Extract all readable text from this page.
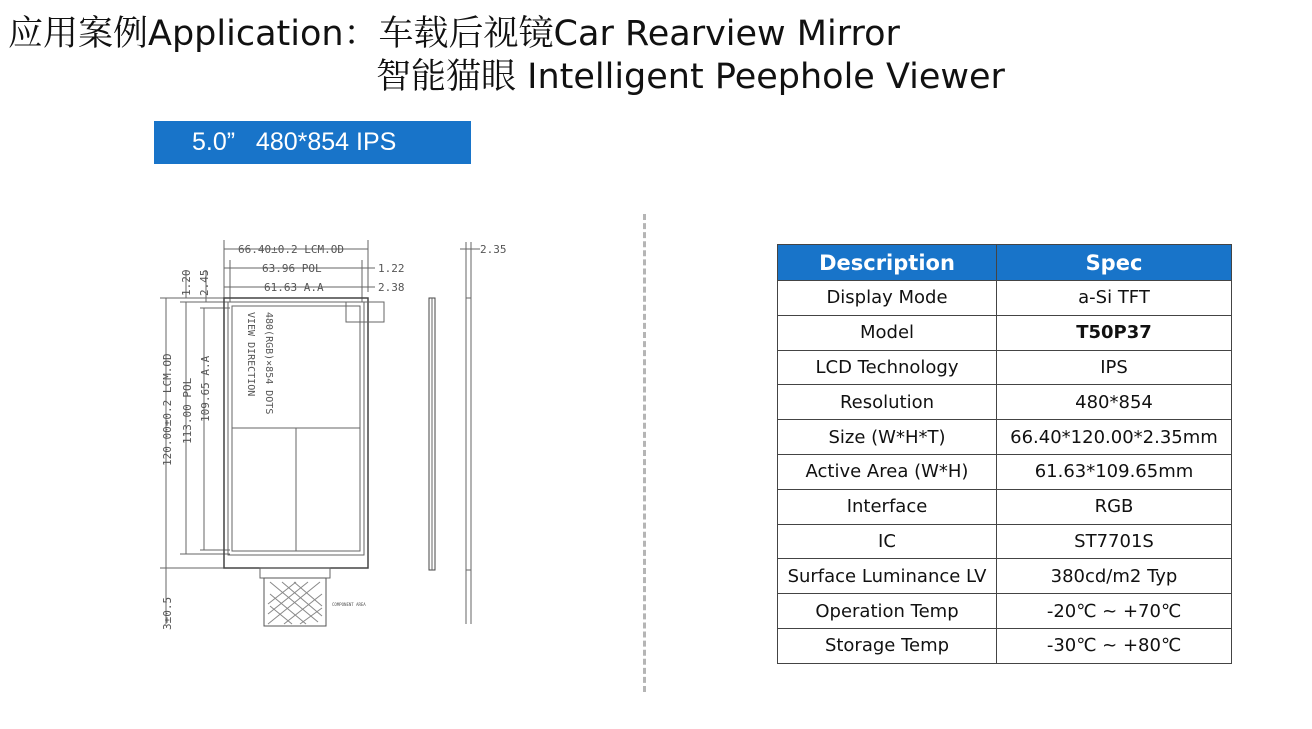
应用案例Application：车载后视镜Car Rearview Mirror
智能猫眼 Intelligent Peephole Viewer
5.0”   480*854 IPS
66.40±0.2 LCM.OD
63.96 POL
61.63 A.A
1.22
2.38
2.35
1.20 2.45
120.00±0.2 LCM.OD 113.00 POL 109.65 A.A
3±0.5
480(RGB)×854 DOTS
VIEW DIRECTION
COMPONENT AREA
Description	Spec
Display Mode	a-Si TFT
Model	T50P37
LCD Technology	IPS
Resolution	480*854
Size (W*H*T)	66.40*120.00*2.35mm
Active Area (W*H)	61.63*109.65mm
Interface	RGB
IC	ST7701S
Surface Luminance LV	380cd/m2 Typ
Operation Temp	-20℃ ~ +70℃
Storage Temp	-30℃ ~ +80℃
